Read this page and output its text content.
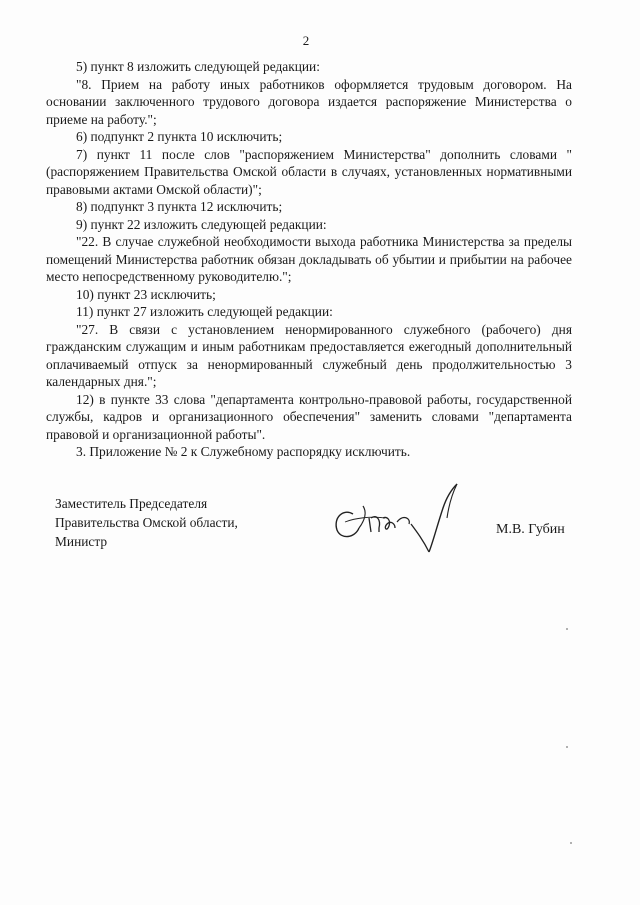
2

5) пункт 8 изложить следующей редакции:

"8. Прием на работу иных работников оформляется трудовым договором. На основании заключенного трудового договора издается распоряжение Министерства о приеме на работу.";

6) подпункт 2 пункта 10 исключить;

7) пункт 11 после слов "распоряжением Министерства" дополнить словами "(распоряжением Правительства Омской области в случаях, установленных нормативными правовыми актами Омской области)";

8) подпункт 3 пункта 12 исключить;

9) пункт 22 изложить следующей редакции:

"22. В случае служебной необходимости выхода работника Министерства за пределы помещений Министерства работник обязан докладывать об убытии и прибытии на рабочее место непосредственному руководителю.";

10) пункт 23 исключить;

11) пункт 27 изложить следующей редакции:

"27. В связи с установлением ненормированного служебного (рабочего) дня гражданским служащим и иным работникам предоставляется ежегодный дополнительный оплачиваемый отпуск за ненормированный служебный день продолжительностью 3 календарных дня.";

12) в пункте 33 слова "департамента контрольно-правовой работы, государственной службы, кадров и организационного обеспечения" заменить словами "департамента правовой и организационной работы".

3. Приложение № 2 к Служебному распорядку исключить.

Заместитель Председателя
Правительства Омской области,
Министр
М.В. Губин
